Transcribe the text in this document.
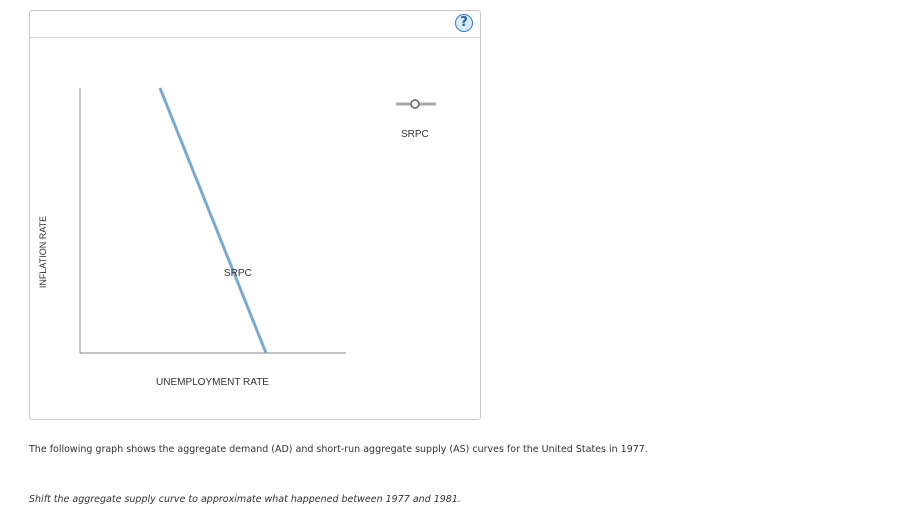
?
INFLATION RATE
UNEMPLOYMENT RATE
SRPC
SRPC
The following graph shows the aggregate demand (AD) and short-run aggregate supply (AS) curves for the United States in 1977.
Shift the aggregate supply curve to approximate what happened between 1977 and 1981.
